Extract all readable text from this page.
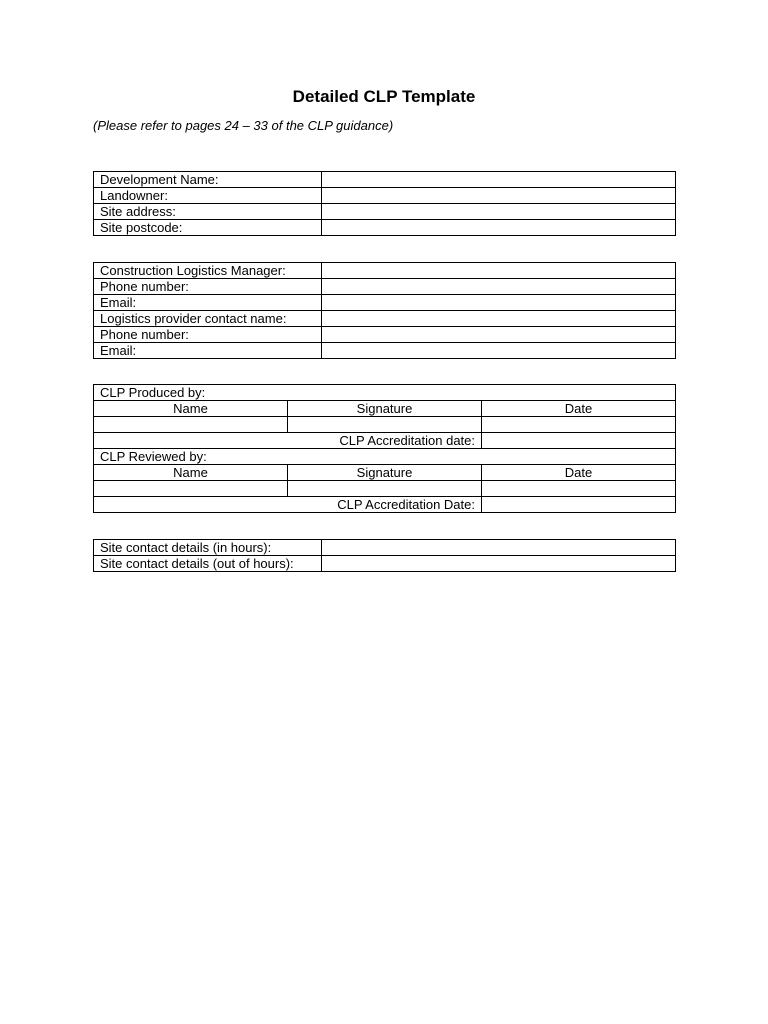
Detailed CLP Template
(Please refer to pages 24 – 33 of the CLP guidance)
Development Name:	
Landowner:	
Site address:	
Site postcode:	
Construction Logistics Manager:	
Phone number:	
Email:	
Logistics provider contact name:	
Phone number:	
Email:	
CLP Produced by:		
Name	Signature	Date

CLP Accreditation date:		
CLP Reviewed by:		
Name	Signature	Date

CLP Accreditation Date:		
Site contact details (in hours):	
Site contact details (out of hours):	
